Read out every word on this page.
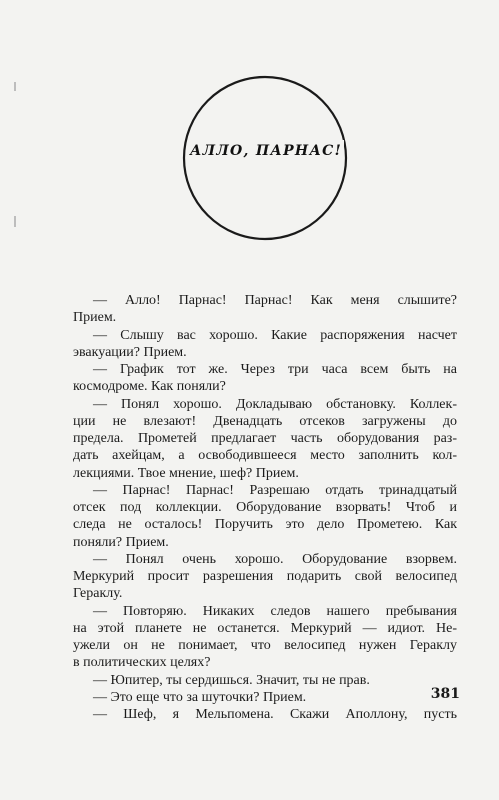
АЛЛО, ПАРНАС!
— Алло! Парнас! Парнас! Как меня слышите?
Прием.
— Слышу вас хорошо. Какие распоряжения насчет
эвакуации? Прием.
— График тот же. Через три часа всем быть на
космодроме. Как поняли?
— Понял хорошо. Докладываю обстановку. Коллек-
ции не влезают! Двенадцать отсеков загружены до
предела. Прометей предлагает часть оборудования раз-
дать ахейцам, а освободившееся место заполнить кол-
лекциями. Твое мнение, шеф? Прием.
— Парнас! Парнас! Разрешаю отдать тринадцатый
отсек под коллекции. Оборудование взорвать! Чтоб и
следа не осталось! Поручить это дело Прометею. Как
поняли? Прием.
— Понял очень хорошо. Оборудование взорвем.
Меркурий просит разрешения подарить свой велосипед
Гераклу.
— Повторяю. Никаких следов нашего пребывания
на этой планете не останется. Меркурий — идиот. Не-
ужели он не понимает, что велосипед нужен Гераклу
в политических целях?
— Юпитер, ты сердишься. Значит, ты не прав.
— Это еще что за шуточки? Прием.
— Шеф, я Мельпомена. Скажи Аполлону, пусть
381
